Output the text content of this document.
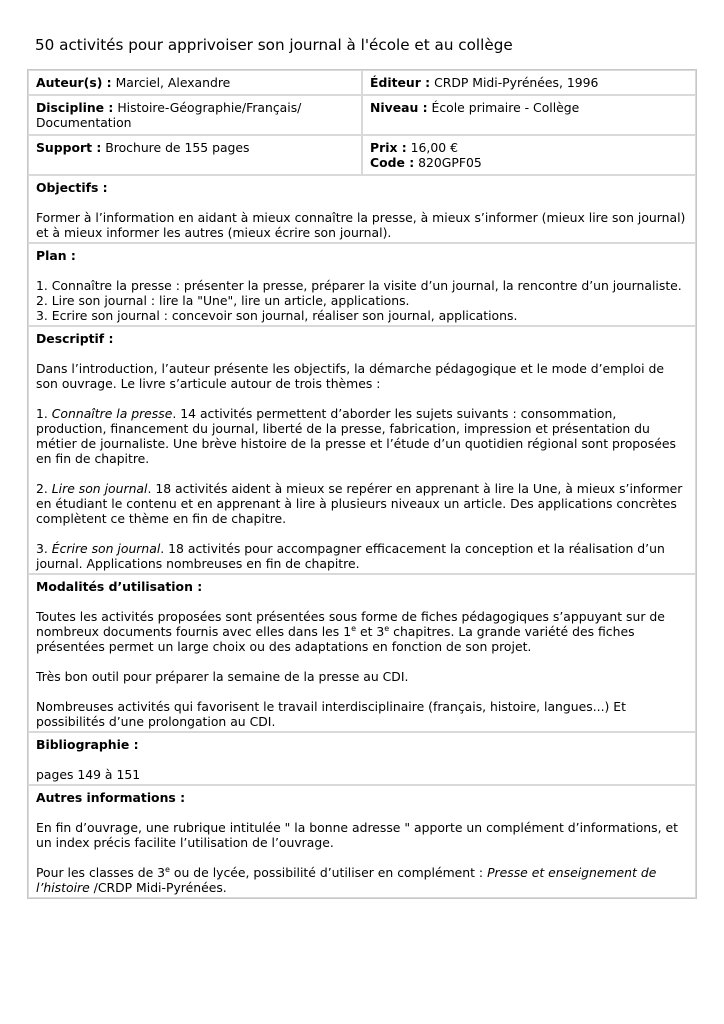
50 activités pour apprivoiser son journal à l'école et au collège
Auteur(s) : Marciel, Alexandre	Éditeur : CRDP Midi-Pyrénées, 1996
Discipline : Histoire-Géographie/Français/ Documentation	Niveau : École primaire - Collège
Support : Brochure de 155 pages	Prix : 16,00 €
Code : 820GPF05

Objectifs :

Former à l’information en aidant à mieux connaître la presse, à mieux s’informer (mieux lire son journal) et à mieux informer les autres (mieux écrire son journal).	

Plan :

1. Connaître la presse : présenter la presse, préparer la visite d’un journal, la rencontre d’un journaliste.

2. Lire son journal : lire la "Une", lire un article, applications.

3. Ecrire son journal : concevoir son journal, réaliser son journal, applications.	

Descriptif :

Dans l’introduction, l’auteur présente les objectifs, la démarche pédagogique et le mode d’emploi de son ouvrage. Le livre s’articule autour de trois thèmes :

1. Connaître la presse. 14 activités permettent d’aborder les sujets suivants : consommation, production, financement du journal, liberté de la presse, fabrication, impression et présentation du métier de journaliste. Une brève histoire de la presse et l’étude d’un quotidien régional sont proposées en fin de chapitre.

2. Lire son journal. 18 activités aident à mieux se repérer en apprenant à lire la Une, à mieux s’informer en étudiant le contenu et en apprenant à lire à plusieurs niveaux un article. Des applications concrètes complètent ce thème en fin de chapitre.

3. Écrire son journal. 18 activités pour accompagner efficacement la conception et la réalisation d’un journal. Applications nombreuses en fin de chapitre.	

Modalités d’utilisation :

Toutes les activités proposées sont présentées sous forme de fiches pédagogiques s’appuyant sur de nombreux documents fournis avec elles dans les 1e et 3e chapitres. La grande variété des fiches présentées permet un large choix ou des adaptations en fonction de son projet.

Très bon outil pour préparer la semaine de la presse au CDI.

Nombreuses activités qui favorisent le travail interdisciplinaire (français, histoire, langues...) Et possibilités d’une prolongation au CDI.	

Bibliographie :

pages 149 à 151	

Autres informations :

En fin d’ouvrage, une rubrique intitulée " la bonne adresse " apporte un complément d’informations, et un index précis facilite l’utilisation de l’ouvrage.

Pour les classes de 3e ou de lycée, possibilité d’utiliser en complément : Presse et enseignement de l’histoire /CRDP Midi-Pyrénées.	
